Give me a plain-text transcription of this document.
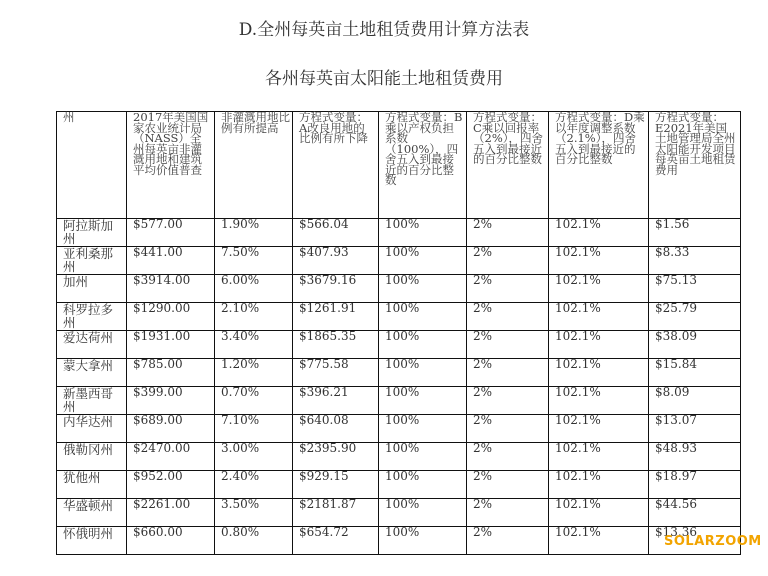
D.全州每英亩土地租赁费用计算方法表
各州每英亩太阳能土地租赁费用
州	2017年美国国家农业统计局（NASS）全州每英亩非灌溉用地和建筑平均价值普查	非灌溉用地比例有所提高	方程式变量：A改良用地的比例有所下降	方程式变量：B乘以产权负担系数（100%），四舍五入到最接近的百分比整数	方程式变量：C乘以回报率（2%），四舍五入到最接近的百分比整数	方程式变量：D乘以年度调整系数（2.1%），四舍五入到最接近的百分比整数	方程式变量：E2021年美国土地管理局全州太阳能开发项目每英亩土地租赁费用

阿拉斯加州	$577.00	1.90%	$566.04	100%	2%	102.1%	$1.56
亚利桑那州	$441.00	7.50%	$407.93	100%	2%	102.1%	$8.33
加州	$3914.00	6.00%	$3679.16	100%	2%	102.1%	$75.13
科罗拉多州	$1290.00	2.10%	$1261.91	100%	2%	102.1%	$25.79
爱达荷州	$1931.00	3.40%	$1865.35	100%	2%	102.1%	$38.09
蒙大拿州	$785.00	1.20%	$775.58	100%	2%	102.1%	$15.84
新墨西哥州	$399.00	0.70%	$396.21	100%	2%	102.1%	$8.09
内华达州	$689.00	7.10%	$640.08	100%	2%	102.1%	$13.07
俄勒冈州	$2470.00	3.00%	$2395.90	100%	2%	102.1%	$48.93
犹他州	$952.00	2.40%	$929.15	100%	2%	102.1%	$18.97
华盛顿州	$2261.00	3.50%	$2181.87	100%	2%	102.1%	$44.56
怀俄明州	$660.00	0.80%	$654.72	100%	2%	102.1%	$13.36
SOLARZOOM
